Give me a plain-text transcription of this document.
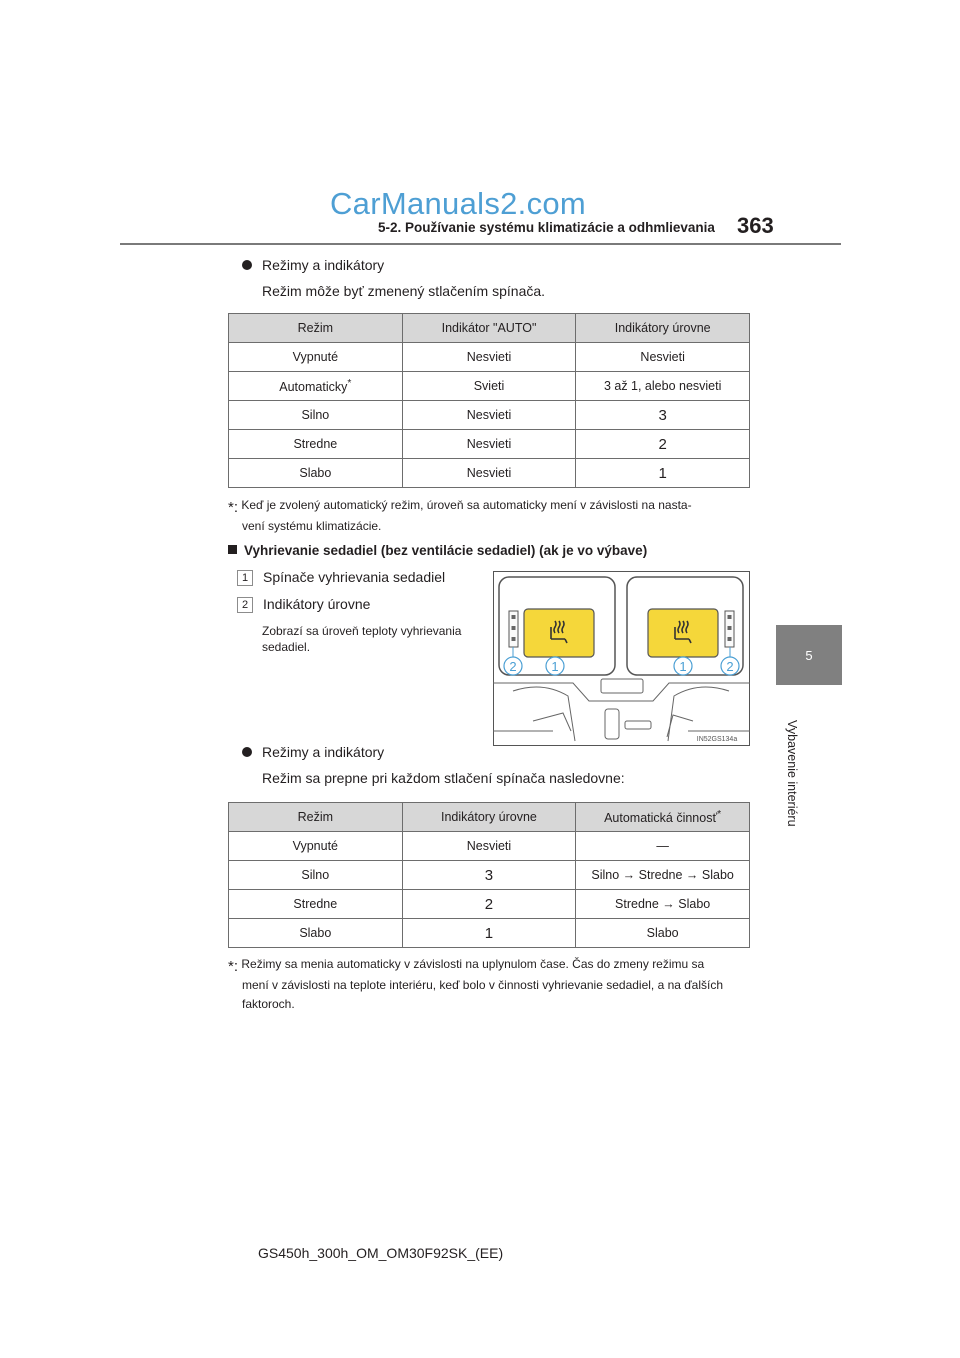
CarManuals2.com
5-2. Používanie systému klimatizácie a odhmlievania 363
5
Vybavenie interiéru
Režimy a indikátory
Režim môže byť zmenený stlačením spínača.
Režim	Indikátor "AUTO"	Indikátory úrovne
Vypnuté	Nesvieti	Nesvieti
Automaticky*	Svieti	3 až 1, alebo nesvieti
Silno	Nesvieti	3
Stredne	Nesvieti	2
Slabo	Nesvieti	1
*: Keď je zvolený automatický režim, úroveň sa automaticky mení v závislosti na nasta-
vení systému klimatizácie.
Vyhrievanie sedadiel (bez ventilácie sedadiel) (ak je vo výbave)
1 Spínače vyhrievania sedadiel
2 Indikátory úrovne
Zobrazí sa úroveň teploty vyhrievania
sedadiel.
2	1	1	2
IN52GS134a
Režimy a indikátory
Režim sa prepne pri každom stlačení spínača nasledovne:
Režim	Indikátory úrovne	Automatická činnosť*
Vypnuté	Nesvieti	—
Silno	3	Silno → Stredne → Slabo
Stredne	2	Stredne → Slabo
Slabo	1	Slabo
*: Režimy sa menia automaticky v závislosti na uplynulom čase. Čas do zmeny režimu sa
mení v závislosti na teplote interiéru, keď bolo v činnosti vyhrievanie sedadiel, a na ďalších
faktoroch.
GS450h_300h_OM_OM30F92SK_(EE)
